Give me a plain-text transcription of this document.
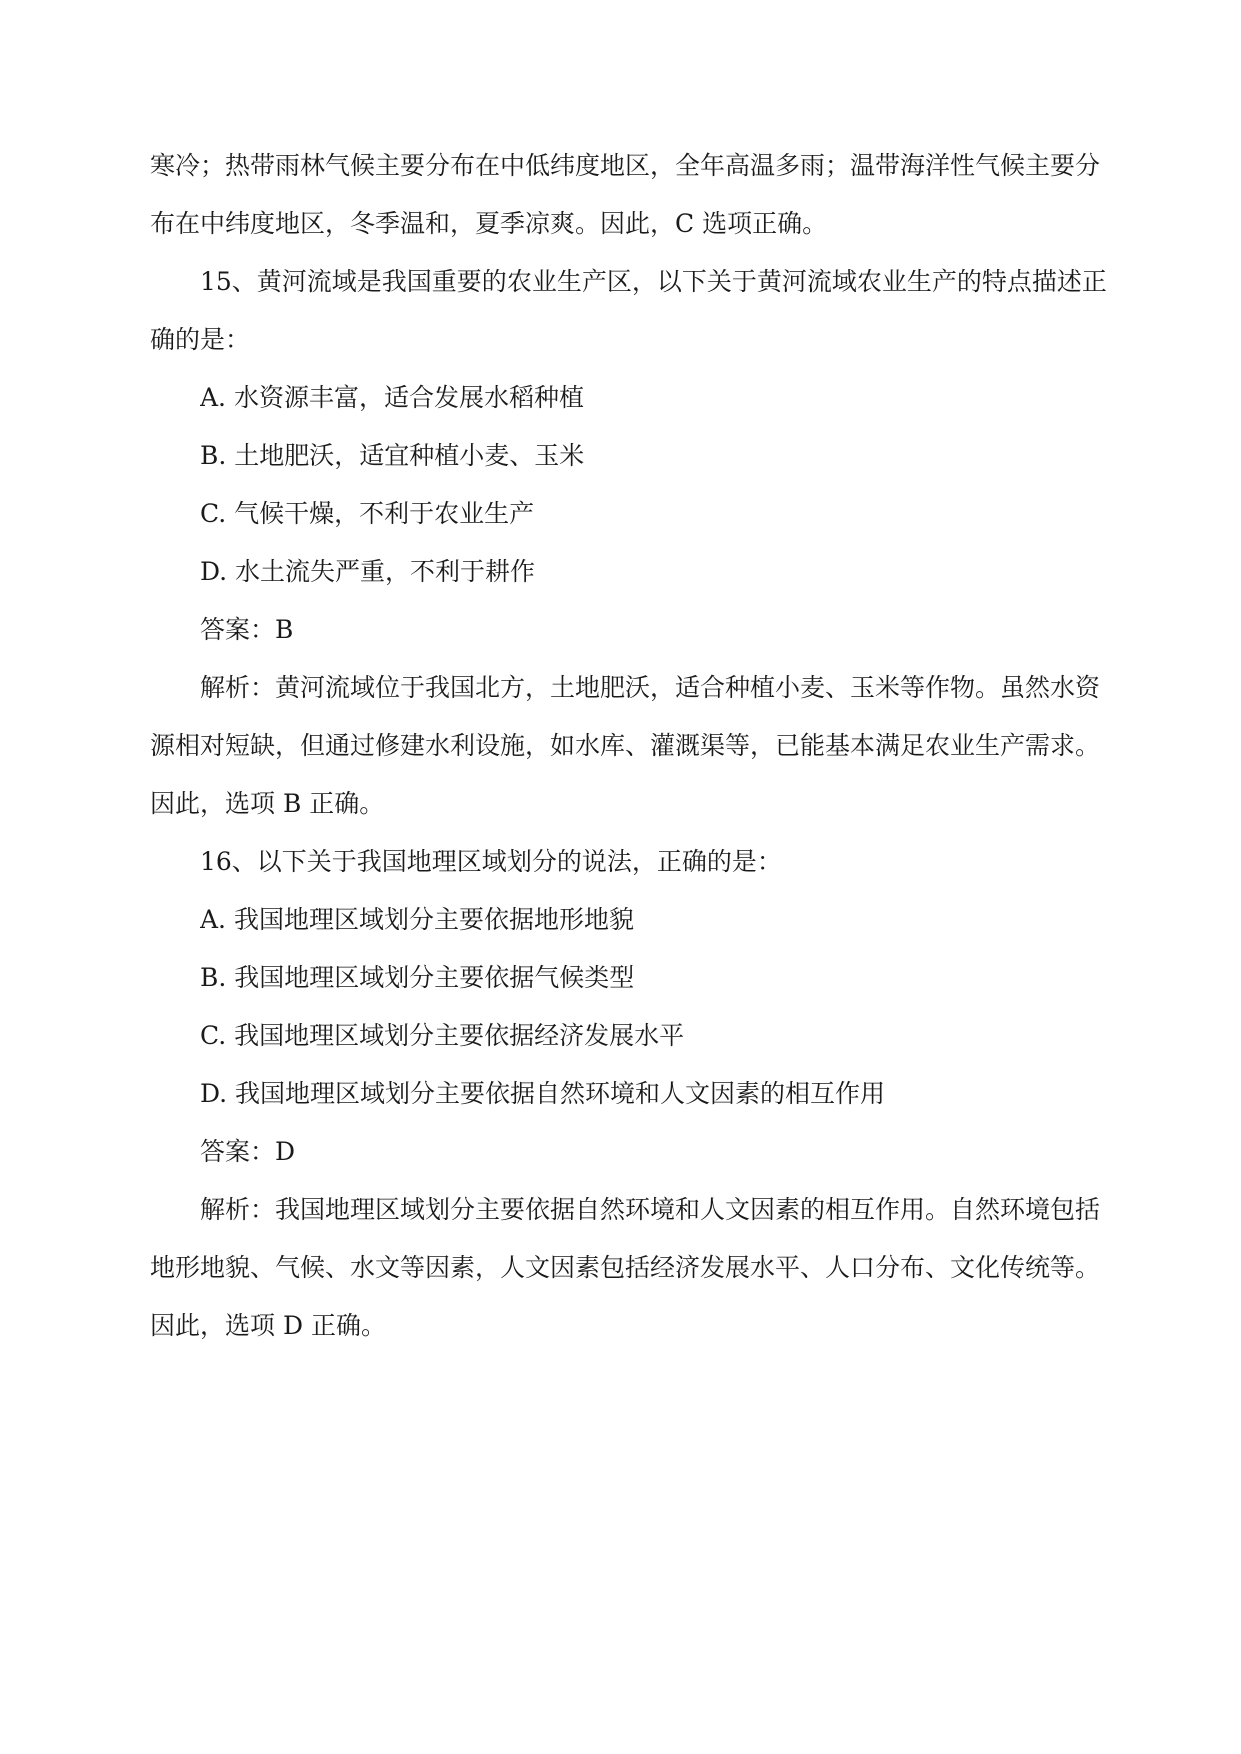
寒冷；热带雨林气候主要分布在中低纬度地区，全年高温多雨；温带海洋性气候主要分
布在中纬度地区，冬季温和，夏季凉爽。因此，C 选项正确。
15、黄河流域是我国重要的农业生产区，以下关于黄河流域农业生产的特点描述正
确的是：
A. 水资源丰富，适合发展水稻种植
B. 土地肥沃，适宜种植小麦、玉米
C. 气候干燥，不利于农业生产
D. 水土流失严重，不利于耕作
答案：B
解析：黄河流域位于我国北方，土地肥沃，适合种植小麦、玉米等作物。虽然水资
源相对短缺，但通过修建水利设施，如水库、灌溉渠等，已能基本满足农业生产需求。
因此，选项 B 正确。
16、以下关于我国地理区域划分的说法，正确的是：
A. 我国地理区域划分主要依据地形地貌
B. 我国地理区域划分主要依据气候类型
C. 我国地理区域划分主要依据经济发展水平
D. 我国地理区域划分主要依据自然环境和人文因素的相互作用
答案：D
解析：我国地理区域划分主要依据自然环境和人文因素的相互作用。自然环境包括
地形地貌、气候、水文等因素，人文因素包括经济发展水平、人口分布、文化传统等。
因此，选项 D 正确。
